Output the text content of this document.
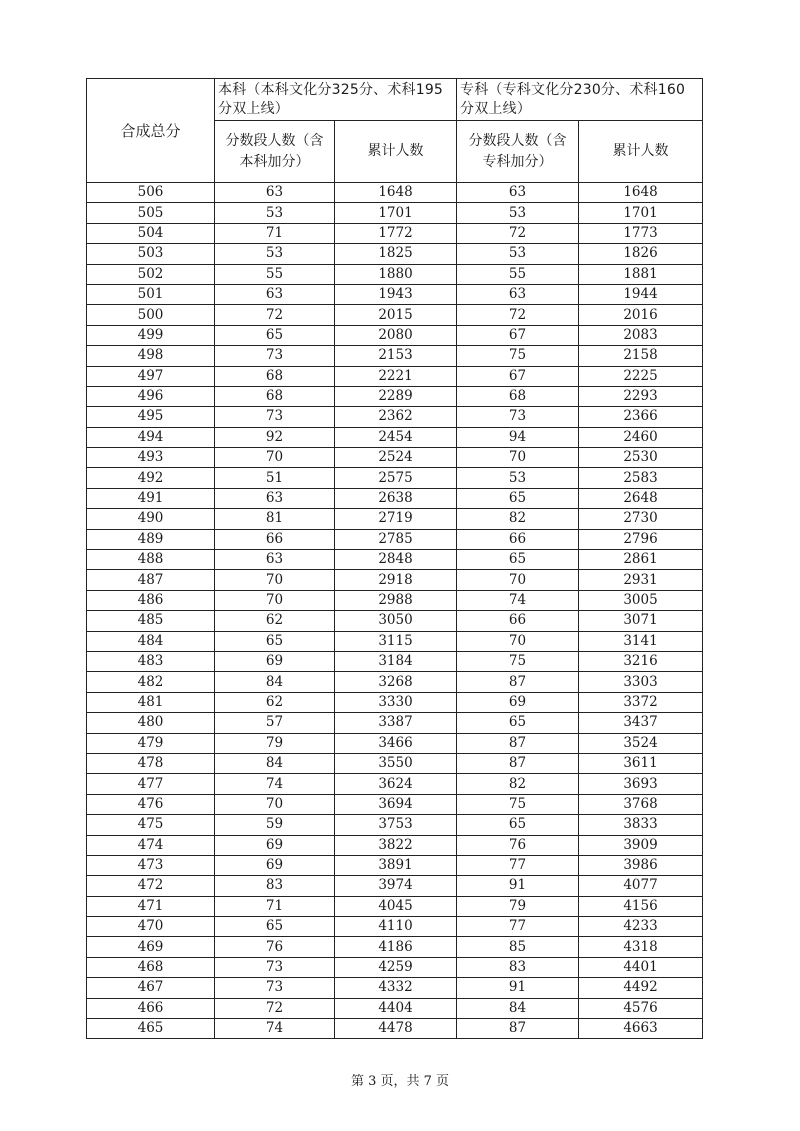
合成总分	本科（本科文化分325分、术科195分双上线）		专科（专科文化分230分、术科160分双上线）	

	分数段人数（含本科加分）	累计人数	分数段人数（含专科加分）	累计人数
506	63	1648	63	1648
505	53	1701	53	1701
504	71	1772	72	1773
503	53	1825	53	1826
502	55	1880	55	1881
501	63	1943	63	1944
500	72	2015	72	2016
499	65	2080	67	2083
498	73	2153	75	2158
497	68	2221	67	2225
496	68	2289	68	2293
495	73	2362	73	2366
494	92	2454	94	2460
493	70	2524	70	2530
492	51	2575	53	2583
491	63	2638	65	2648
490	81	2719	82	2730
489	66	2785	66	2796
488	63	2848	65	2861
487	70	2918	70	2931
486	70	2988	74	3005
485	62	3050	66	3071
484	65	3115	70	3141
483	69	3184	75	3216
482	84	3268	87	3303
481	62	3330	69	3372
480	57	3387	65	3437
479	79	3466	87	3524
478	84	3550	87	3611
477	74	3624	82	3693
476	70	3694	75	3768
475	59	3753	65	3833
474	69	3822	76	3909
473	69	3891	77	3986
472	83	3974	91	4077
471	71	4045	79	4156
470	65	4110	77	4233
469	76	4186	85	4318
468	73	4259	83	4401
467	73	4332	91	4492
466	72	4404	84	4576
465	74	4478	87	4663
第 3 页，共 7 页
